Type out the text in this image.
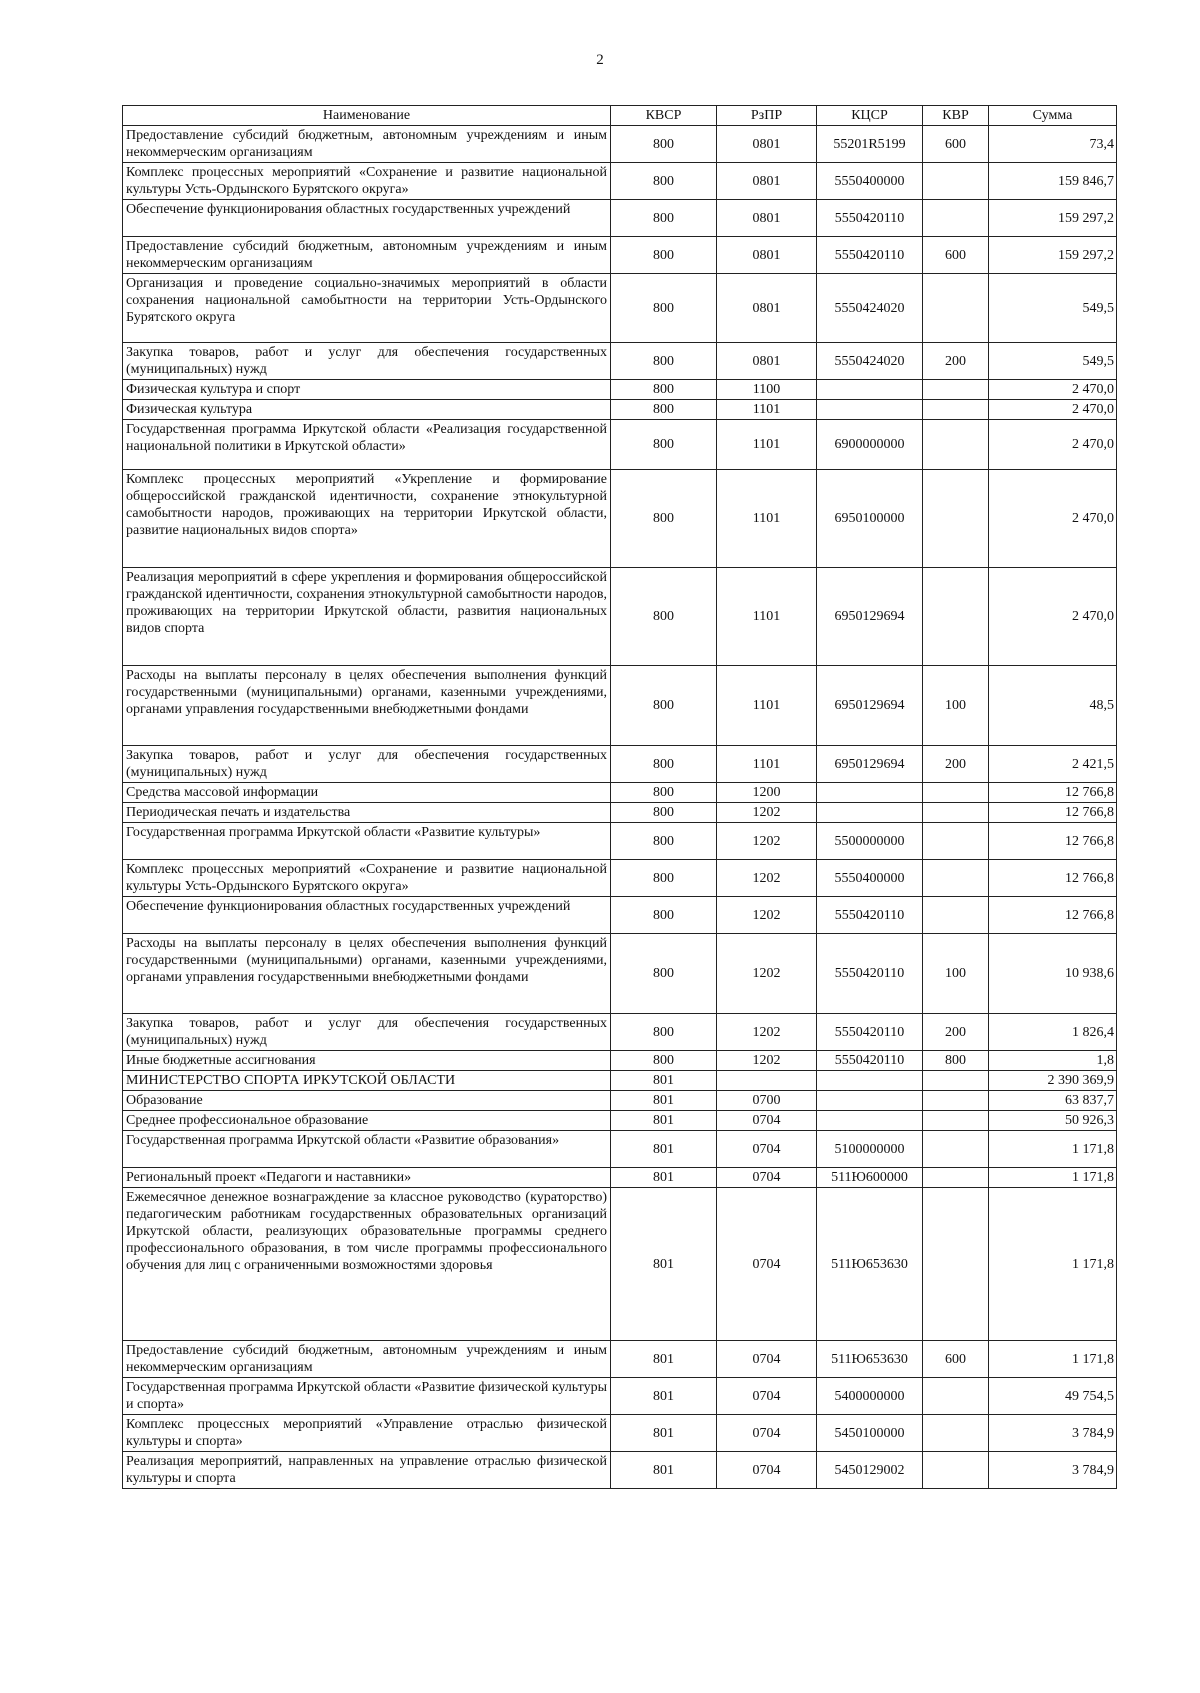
2
Наименование	КВСР	РзПР	КЦСР	КВР	Сумма
Предоставление субсидий бюджетным, автономным учреждениям и иным некоммерческим организациям	800	0801	55201R5199	600	73,4
Комплекс процессных мероприятий «Сохранение и развитие национальной культуры Усть-Ордынского Бурятского округа»	800	0801	5550400000		159 846,7
Обеспечение функционирования областных государственных учреждений	800	0801	5550420110		159 297,2
Предоставление субсидий бюджетным, автономным учреждениям и иным некоммерческим организациям	800	0801	5550420110	600	159 297,2
Организация и проведение социально-значимых мероприятий в области сохранения национальной самобытности на территории Усть-Ордынского Бурятского округа	800	0801	5550424020		549,5
Закупка товаров, работ и услуг для обеспечения государственных (муниципальных) нужд	800	0801	5550424020	200	549,5
Физическая культура и спорт	800	1100			2 470,0
Физическая культура	800	1101			2 470,0
Государственная программа Иркутской области «Реализация государственной национальной политики в Иркутской области»	800	1101	6900000000		2 470,0
Комплекс процессных мероприятий «Укрепление и формирование общероссийской гражданской идентичности, сохранение этнокультурной самобытности народов, проживающих на территории Иркутской области, развитие национальных видов спорта»	800	1101	6950100000		2 470,0
Реализация мероприятий в сфере укрепления и формирования общероссийской гражданской идентичности, сохранения этнокультурной самобытности народов, проживающих на территории Иркутской области, развития национальных видов спорта	800	1101	6950129694		2 470,0
Расходы на выплаты персоналу в целях обеспечения выполнения функций государственными (муниципальными) органами, казенными учреждениями, органами управления государственными внебюджетными фондами	800	1101	6950129694	100	48,5
Закупка товаров, работ и услуг для обеспечения государственных (муниципальных) нужд	800	1101	6950129694	200	2 421,5
Средства массовой информации	800	1200			12 766,8
Периодическая печать и издательства	800	1202			12 766,8
Государственная программа Иркутской области «Развитие культуры»	800	1202	5500000000		12 766,8
Комплекс процессных мероприятий «Сохранение и развитие национальной культуры Усть-Ордынского Бурятского округа»	800	1202	5550400000		12 766,8
Обеспечение функционирования областных государственных учреждений	800	1202	5550420110		12 766,8
Расходы на выплаты персоналу в целях обеспечения выполнения функций государственными (муниципальными) органами, казенными учреждениями, органами управления государственными внебюджетными фондами	800	1202	5550420110	100	10 938,6
Закупка товаров, работ и услуг для обеспечения государственных (муниципальных) нужд	800	1202	5550420110	200	1 826,4
Иные бюджетные ассигнования	800	1202	5550420110	800	1,8
МИНИСТЕРСТВО СПОРТА ИРКУТСКОЙ ОБЛАСТИ	801				2 390 369,9
Образование	801	0700			63 837,7
Среднее профессиональное образование	801	0704			50 926,3
Государственная программа Иркутской области «Развитие образования»	801	0704	5100000000		1 171,8
Региональный проект «Педагоги и наставники»	801	0704	511Ю600000		1 171,8
Ежемесячное денежное вознаграждение за классное руководство (кураторство) педагогическим работникам государственных образовательных организаций Иркутской области, реализующих образовательные программы среднего профессионального образования, в том числе программы профессионального обучения для лиц с ограниченными возможностями здоровья	801	0704	511Ю653630		1 171,8
Предоставление субсидий бюджетным, автономным учреждениям и иным некоммерческим организациям	801	0704	511Ю653630	600	1 171,8
Государственная программа Иркутской области «Развитие физической культуры и спорта»	801	0704	5400000000		49 754,5
Комплекс процессных мероприятий «Управление отраслью физической культуры и спорта»	801	0704	5450100000		3 784,9
Реализация мероприятий, направленных на управление отраслью физической культуры и спорта	801	0704	5450129002		3 784,9
